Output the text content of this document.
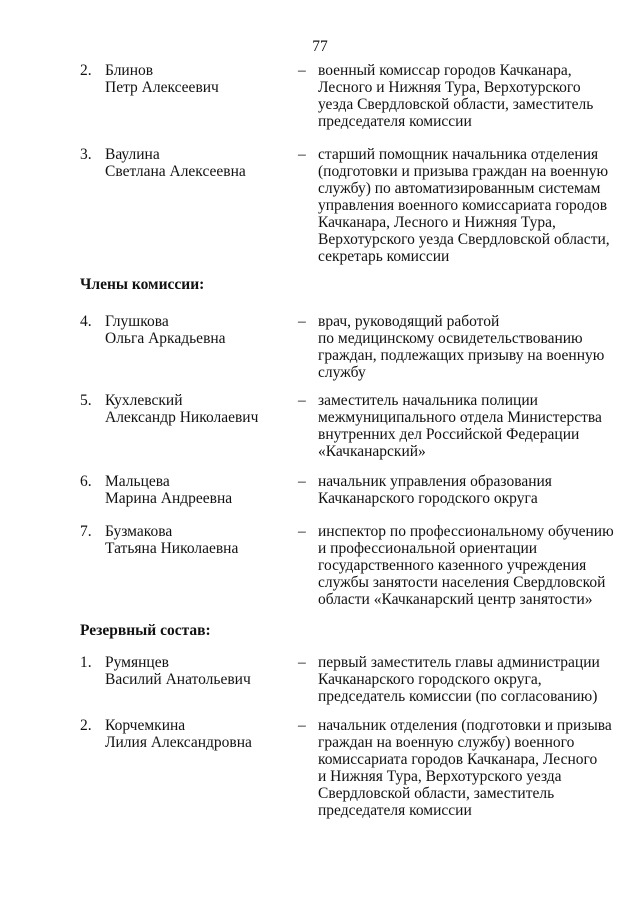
77
2. Блинов
Петр Алексеевич
– военный комиссар городов Качканара,
Лесного и Нижняя Тура, Верхотурского
уезда Свердловской области, заместитель
председателя комиссии
3. Ваулина
Светлана Алексеевна
– старший помощник начальника отделения
(подготовки и призыва граждан на военную
службу) по автоматизированным системам
управления военного комиссариата городов
Качканара, Лесного и Нижняя Тура,
Верхотурского уезда Свердловской области,
секретарь комиссии
Члены комиссии:
4. Глушкова
Ольга Аркадьевна
– врач, руководящий работой
по медицинскому освидетельствованию
граждан, подлежащих призыву на военную
службу
5. Кухлевский
Александр Николаевич
– заместитель начальника полиции
межмуниципального отдела Министерства
внутренних дел Российской Федерации
«Качканарский»
6. Мальцева
Марина Андреевна
– начальник управления образования
Качканарского городского округа
7. Бузмакова
Татьяна Николаевна
– инспектор по профессиональному обучению
и профессиональной ориентации
государственного казенного учреждения
службы занятости населения Свердловской
области «Качканарский центр занятости»
Резервный состав:
1. Румянцев
Василий Анатольевич
– первый заместитель главы администрации
Качканарского городского округа,
председатель комиссии (по согласованию)
2. Корчемкина
Лилия Александровна
– начальник отделения (подготовки и призыва
граждан на военную службу) военного
комиссариата городов Качканара, Лесного
и Нижняя Тура, Верхотурского уезда
Свердловской области, заместитель
председателя комиссии
